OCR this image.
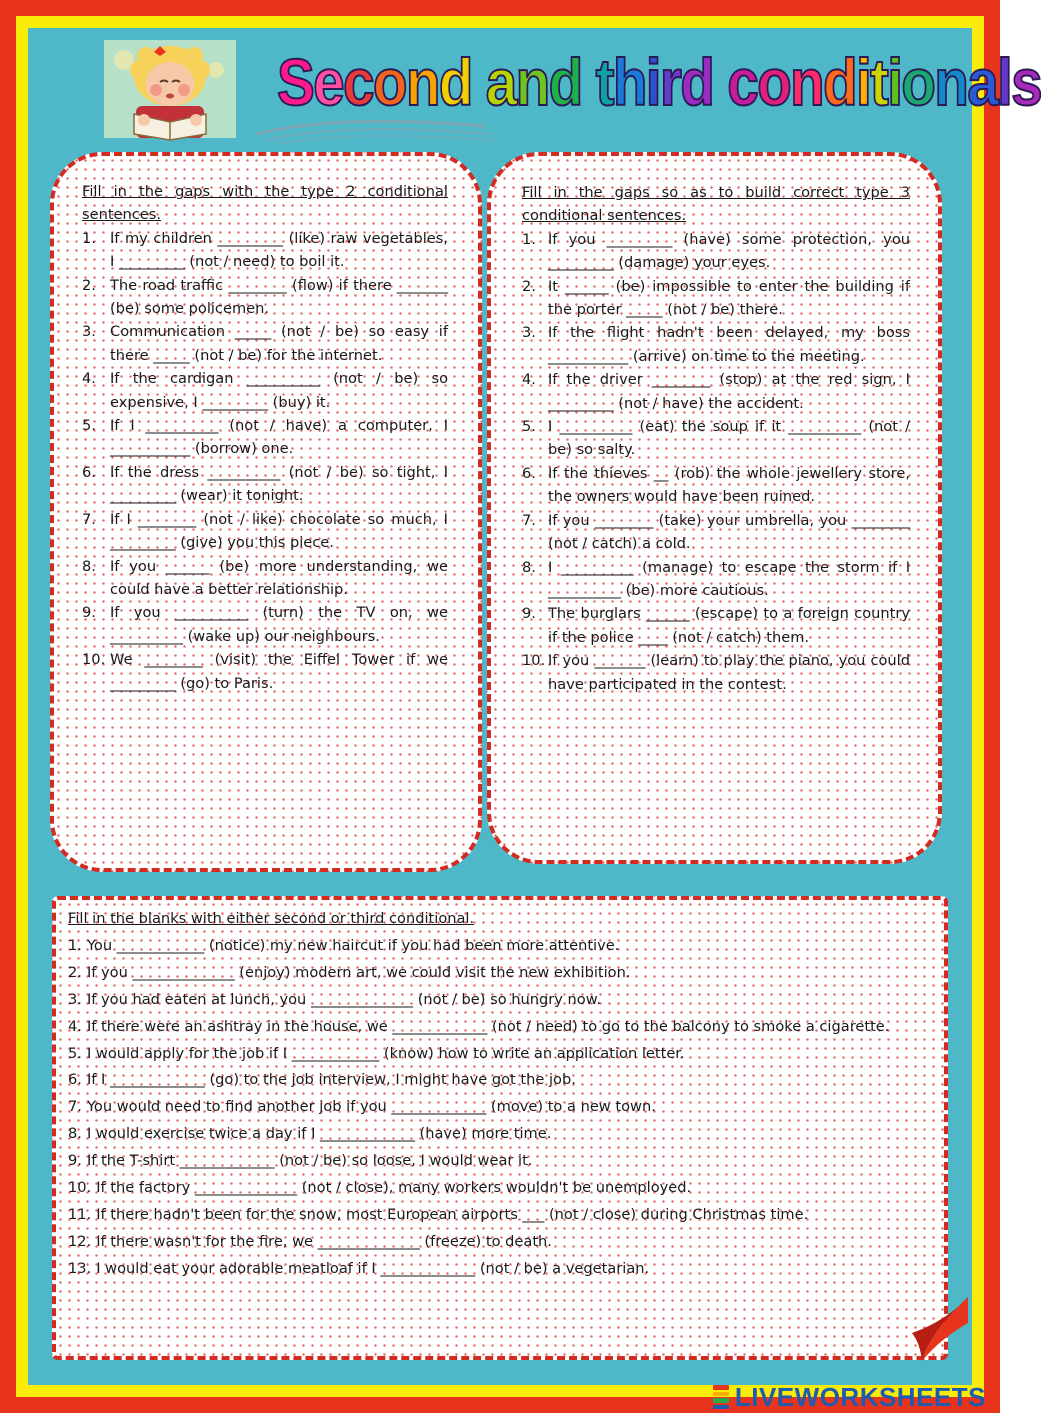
Second and third conditionals
Fill in the gaps with the type 2 conditional sentences.
1. If my children _________ (like) raw vegetables, I _________ (not / need) to boil it.
2. The road traffic ________ (flow) if there _______ (be) some policemen.
3. Communication _____ (not / be) so easy if there _____ (not / be) for the internet.
4. If the cardigan __________ (not / be) so expensive, I _________ (buy) it.
5. If I __________ (not / have) a computer, I ___________ (borrow) one.
6. If the dress __________ (not / be) so tight, I _________ (wear) it tonight.
7. If I ________ (not / like) chocolate so much, I _________ (give) you this piece.
8. If you ______ (be) more understanding, we could have a better relationship.
9. If you __________ (turn) the TV on, we __________ (wake up) our neighbours.
10. We ________ (visit) the Eiffel Tower if we _________ (go) to Paris.
Fill in the gaps so as to build correct type 3 conditional sentences.
1. If you _________ (have) some protection, you _________ (damage) your eyes.
2. It ______ (be) impossible to enter the building if the porter _____ (not / be) there.
3. If the flight hadn't been delayed, my boss ___________ (arrive) on time to the meeting.
4. If the driver ________ (stop) at the red sign, I _________ (not / have) the accident.
5. I __________ (eat) the soup if it __________ (not / be) so salty.
6. If the thieves __ (rob) the whole jewellery store, the owners would have been ruined.
7. If you ________ (take) your umbrella, you ________ (not / catch) a cold.
8. I __________ (manage) to escape the storm if I __________ (be) more cautious.
9. The burglars ______ (escape) to a foreign country if the police ____ (not / catch) them.
10. If you _______ (learn) to play the piano, you could have participated in the contest.
Fill in the blanks with either second or third conditional.
1. You ____________ (notice) my new haircut if you had been more attentive.
2. If you ______________ (enjoy) modern art, we could visit the new exhibition.
3. If you had eaten at lunch, you ______________ (not / be) so hungry now.
4. If there were an ashtray in the house, we _____________ (not / need) to go to the balcony to smoke a cigarette.
5. I would apply for the job if I ____________ (know) how to write an application letter.
6. If I _____________ (go) to the job interview, I might have got the job.
7. You would need to find another job if you _____________ (move) to a new town.
8. I would exercise twice a day if I _____________ (have) more time.
9. If the T-shirt _____________ (not / be) so loose, I would wear it.
10. If the factory ______________ (not / close), many workers wouldn't be unemployed.
11. If there hadn't been for the snow, most European airports ___ (not / close) during Christmas time.
12. If there wasn't for the fire, we ______________ (freeze) to death.
13. I would eat your adorable meatloaf if I _____________ (not / be) a vegetarian.
LIVEWORKSHEETS
